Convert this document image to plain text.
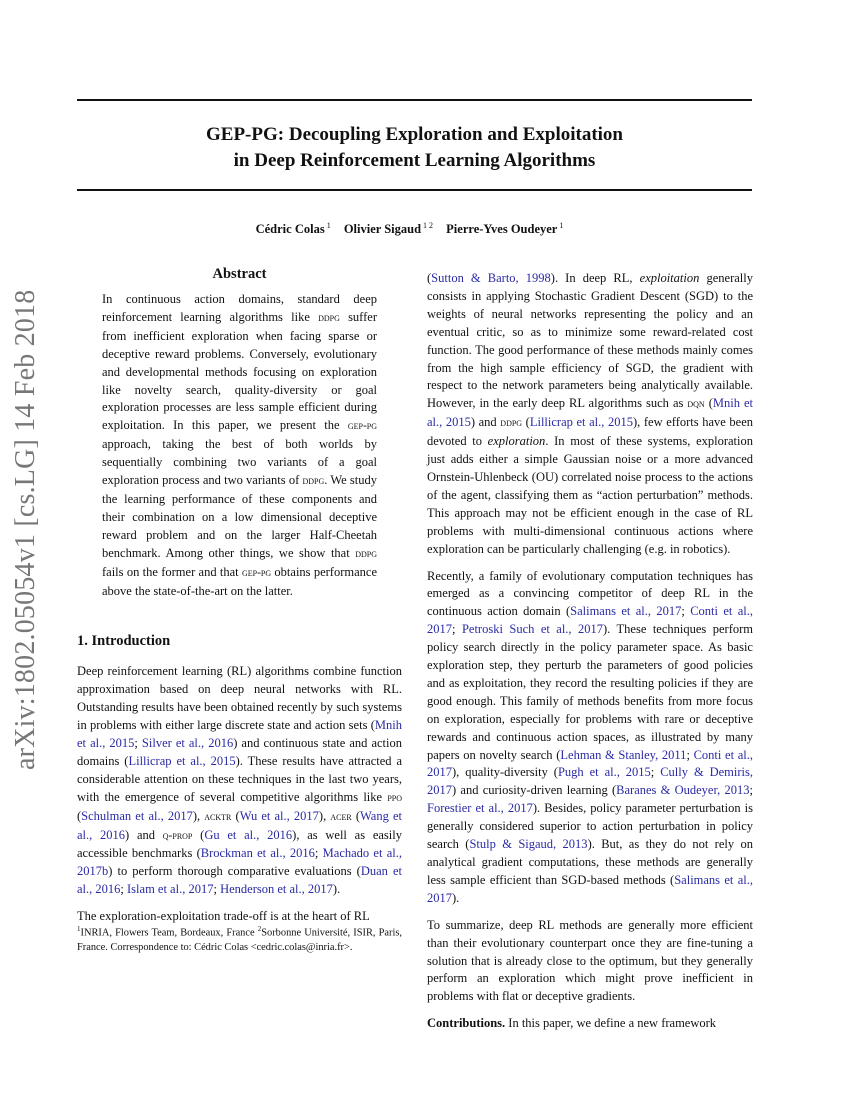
GEP-PG: Decoupling Exploration and Exploitation
in Deep Reinforcement Learning Algorithms
Cédric Colas $^1$ Olivier Sigaud $^{1 2}$ Pierre-Yves Oudeyer $^1$
arXiv:1802.05054v1 [cs.LG] 14 Feb 2018
Abstract

In continuous action domains, standard deep reinforcement learning algorithms like ddpg suffer from inefficient exploration when facing sparse or deceptive reward problems. Conversely, evolutionary and developmental methods focusing on exploration like novelty search, quality-diversity or goal exploration processes are less sample efficient during exploitation. In this paper, we present the gep-pg approach, taking the best of both worlds by sequentially combining two variants of a goal exploration process and two variants of ddpg. We study the learning performance of these components and their combination on a low dimensional deceptive reward problem and on the larger Half-Cheetah benchmark. Among other things, we show that ddpg fails on the former and that gep-pg obtains performance above the state-of-the-art on the latter.

1. Introduction

Deep reinforcement learning (RL) algorithms combine function approximation based on deep neural networks with RL. Outstanding results have been obtained recently by such systems in problems with either large discrete state and action sets (Mnih et al., 2015; Silver et al., 2016) and continuous state and action domains (Lillicrap et al., 2015). These results have attracted a considerable attention on these techniques in the last two years, with the emergence of several competitive algorithms like ppo (Schulman et al., 2017), acktr (Wu et al., 2017), acer (Wang et al., 2016) and q-prop (Gu et al., 2016), as well as easily accessible benchmarks (Brockman et al., 2016; Machado et al., 2017b) to perform thorough comparative evaluations (Duan et al., 2016; Islam et al., 2017; Henderson et al., 2017).

The exploration-exploitation trade-off is at the heart of RL

$^1$INRIA, Flowers Team, Bordeaux, France $^2$Sorbonne Université, ISIR, Paris, France. Correspondence to: Cédric Colas <cedric.colas@inria.fr>.

(Sutton & Barto, 1998). In deep RL, exploitation generally consists in applying Stochastic Gradient Descent (SGD) to the weights of neural networks representing the policy and an eventual critic, so as to minimize some reward-related cost function. The good performance of these methods mainly comes from the high sample efficiency of SGD, the gradient with respect to the network parameters being analytically available. However, in the early deep RL algorithms such as dqn (Mnih et al., 2015) and ddpg (Lillicrap et al., 2015), few efforts have been devoted to exploration. In most of these systems, exploration just adds either a simple Gaussian noise or a more advanced Ornstein-Uhlenbeck (OU) correlated noise process to the actions of the agent, classifying them as “action perturbation” methods. This approach may not be efficient enough in the case of RL problems with multi-dimensional continuous actions where exploration can be particularly challenging (e.g. in robotics).

Recently, a family of evolutionary computation techniques has emerged as a convincing competitor of deep RL in the continuous action domain (Salimans et al., 2017; Conti et al., 2017; Petroski Such et al., 2017). These techniques perform policy search directly in the policy parameter space. As basic exploration step, they perturb the parameters of good policies and as exploitation, they record the resulting policies if they are good enough. This family of methods benefits from more focus on exploration, especially for problems with rare or deceptive rewards and continuous action spaces, as illustrated by many papers on novelty search (Lehman & Stanley, 2011; Conti et al., 2017), quality-diversity (Pugh et al., 2015; Cully & Demiris, 2017) and curiosity-driven learning (Baranes & Oudeyer, 2013; Forestier et al., 2017). Besides, policy parameter perturbation is generally considered superior to action perturbation in policy search (Stulp & Sigaud, 2013). But, as they do not rely on analytical gradient computations, these methods are generally less sample efficient than SGD-based methods (Salimans et al., 2017).

To summarize, deep RL methods are generally more efficient than their evolutionary counterpart once they are fine-tuning a solution that is already close to the optimum, but they generally perform an exploration which might prove inefficient in problems with flat or deceptive gradients.

Contributions. In this paper, we define a new framework
